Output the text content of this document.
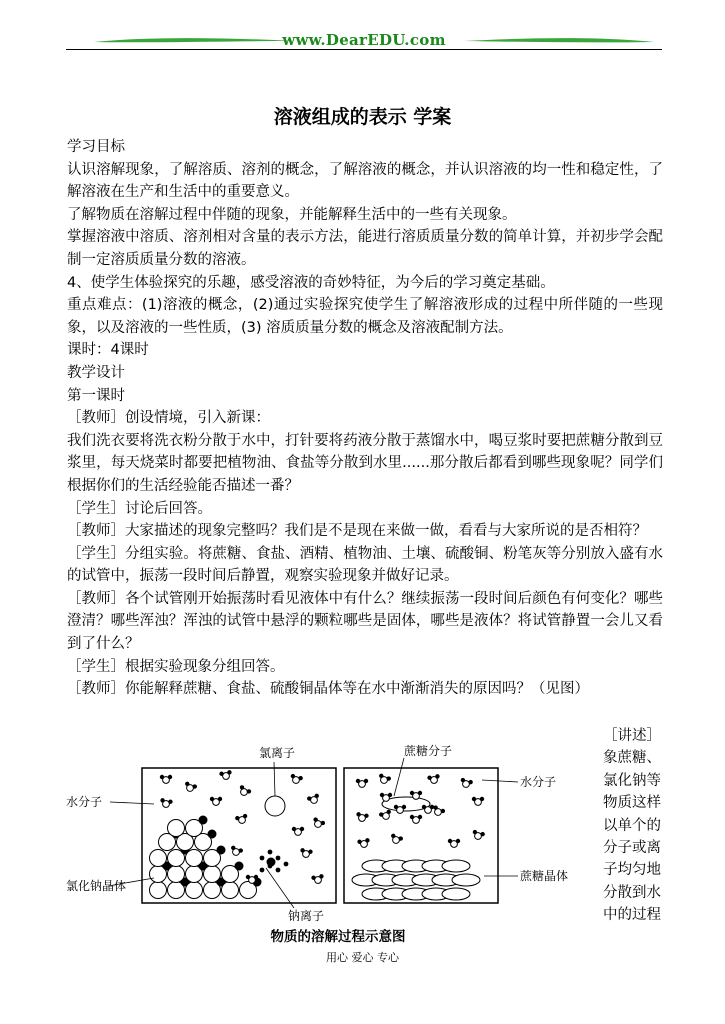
www.DearEDU.com
溶液组成的表示 学案

学习目标

认识溶解现象，了解溶质、溶剂的概念，了解溶液的概念，并认识溶液的均一性和稳定性，了解溶液在生产和生活中的重要意义。

了解物质在溶解过程中伴随的现象，并能解释生活中的一些有关现象。

掌握溶液中溶质、溶剂相对含量的表示方法，能进行溶质质量分数的简单计算，并初步学会配制一定溶质质量分数的溶液。

4、使学生体验探究的乐趣，感受溶液的奇妙特征，为今后的学习奠定基础。

重点难点：(1)溶液的概念，(2)通过实验探究使学生了解溶液形成的过程中所伴随的一些现象，以及溶液的一些性质，(3) 溶质质量分数的概念及溶液配制方法。

课时：4课时

教学设计

第一课时

［教师］创设情境，引入新课：

我们洗衣要将洗衣粉分散于水中，打针要将药液分散于蒸馏水中，喝豆浆时要把蔗糖分散到豆浆里，每天烧菜时都要把植物油、食盐等分散到水里......那分散后都看到哪些现象呢？同学们根据你们的生活经验能否描述一番？

［学生］讨论后回答。

［教师］大家描述的现象完整吗？我们是不是现在来做一做，看看与大家所说的是否相符？

［学生］分组实验。将蔗糖、食盐、酒精、植物油、土壤、硫酸铜、粉笔灰等分别放入盛有水的试管中，振荡一段时间后静置，观察实验现象并做好记录。

［教师］各个试管刚开始振荡时看见液体中有什么？继续振荡一段时间后颜色有何变化？哪些澄清？哪些浑浊？浑浊的试管中悬浮的颗粒哪些是固体，哪些是液体？将试管静置一会儿又看到了什么？

［学生］根据实验现象分组回答。

［教师］你能解释蔗糖、食盐、硫酸铜晶体等在水中渐渐消失的原因吗？（见图）

［讲述］
象蔗糖、
氯化钠等
物质这样
以单个的
分子或离
子均匀地
分散到水
中的过程
氯离子
水分子
氯化钠晶体
钠离子
蔗糖分子
水分子
蔗糖晶体
物质的溶解过程示意图
用心 爱心 专心
